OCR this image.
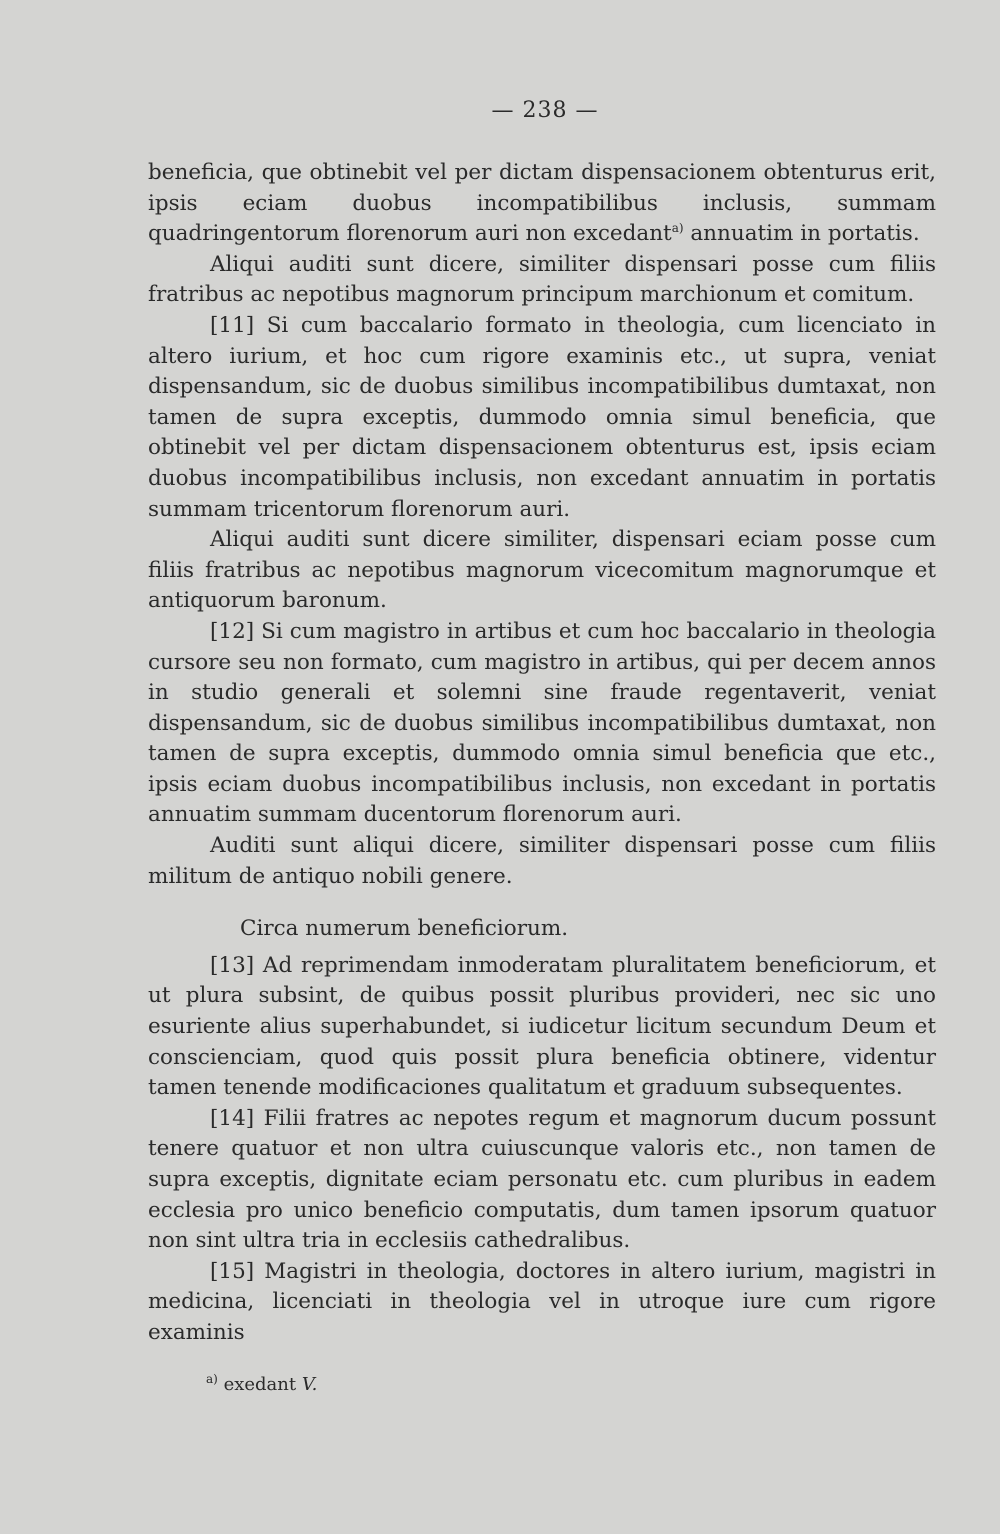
— 238 —

beneficia, que obtinebit vel per dictam dispensacionem obtenturus erit, ipsis eciam duobus incompatibilibus inclusis, summam quadringentorum florenorum auri non excedant$^{a)}$ annuatim in portatis.

Aliqui auditi sunt dicere, similiter dispensari posse cum filiis fratribus ac nepotibus magnorum principum marchionum et comitum.

[11] Si cum baccalario formato in theologia, cum licenciato in altero iurium, et hoc cum rigore examinis etc., ut supra, veniat dispensandum, sic de duobus similibus incompatibilibus dumtaxat, non tamen de supra exceptis, dummodo omnia simul beneficia, que obtinebit vel per dictam dispensacionem obtenturus est, ipsis eciam duobus incompatibilibus inclusis, non excedant annuatim in portatis summam tricentorum florenorum auri.

Aliqui auditi sunt dicere similiter, dispensari eciam posse cum filiis fratribus ac nepotibus magnorum vicecomitum magnorumque et antiquorum baronum.

[12] Si cum magistro in artibus et cum hoc baccalario in theologia cursore seu non formato, cum magistro in artibus, qui per decem annos in studio generali et solemni sine fraude regentaverit, veniat dispensandum, sic de duobus similibus incompatibilibus dumtaxat, non tamen de supra exceptis, dummodo omnia simul beneficia que etc., ipsis eciam duobus incompatibilibus inclusis, non excedant in portatis annuatim summam ducentorum florenorum auri.

Auditi sunt aliqui dicere, similiter dispensari posse cum filiis militum de antiquo nobili genere.

Circa numerum beneficiorum.

[13] Ad reprimendam inmoderatam pluralitatem beneficiorum, et ut plura subsint, de quibus possit pluribus provideri, nec sic uno esuriente alius superhabundet, si iudicetur licitum secundum Deum et conscienciam, quod quis possit plura beneficia obtinere, videntur tamen tenende modificaciones qualitatum et graduum subsequentes.

[14] Filii fratres ac nepotes regum et magnorum ducum possunt tenere quatuor et non ultra cuiuscunque valoris etc., non tamen de supra exceptis, dignitate eciam personatu etc. cum pluribus in eadem ecclesia pro unico beneficio computatis, dum tamen ipsorum quatuor non sint ultra tria in ecclesiis cathedralibus.

[15] Magistri in theologia, doctores in altero iurium, magistri in medicina, licenciati in theologia vel in utroque iure cum rigore examinis

$^{a)}$ exedant V.
